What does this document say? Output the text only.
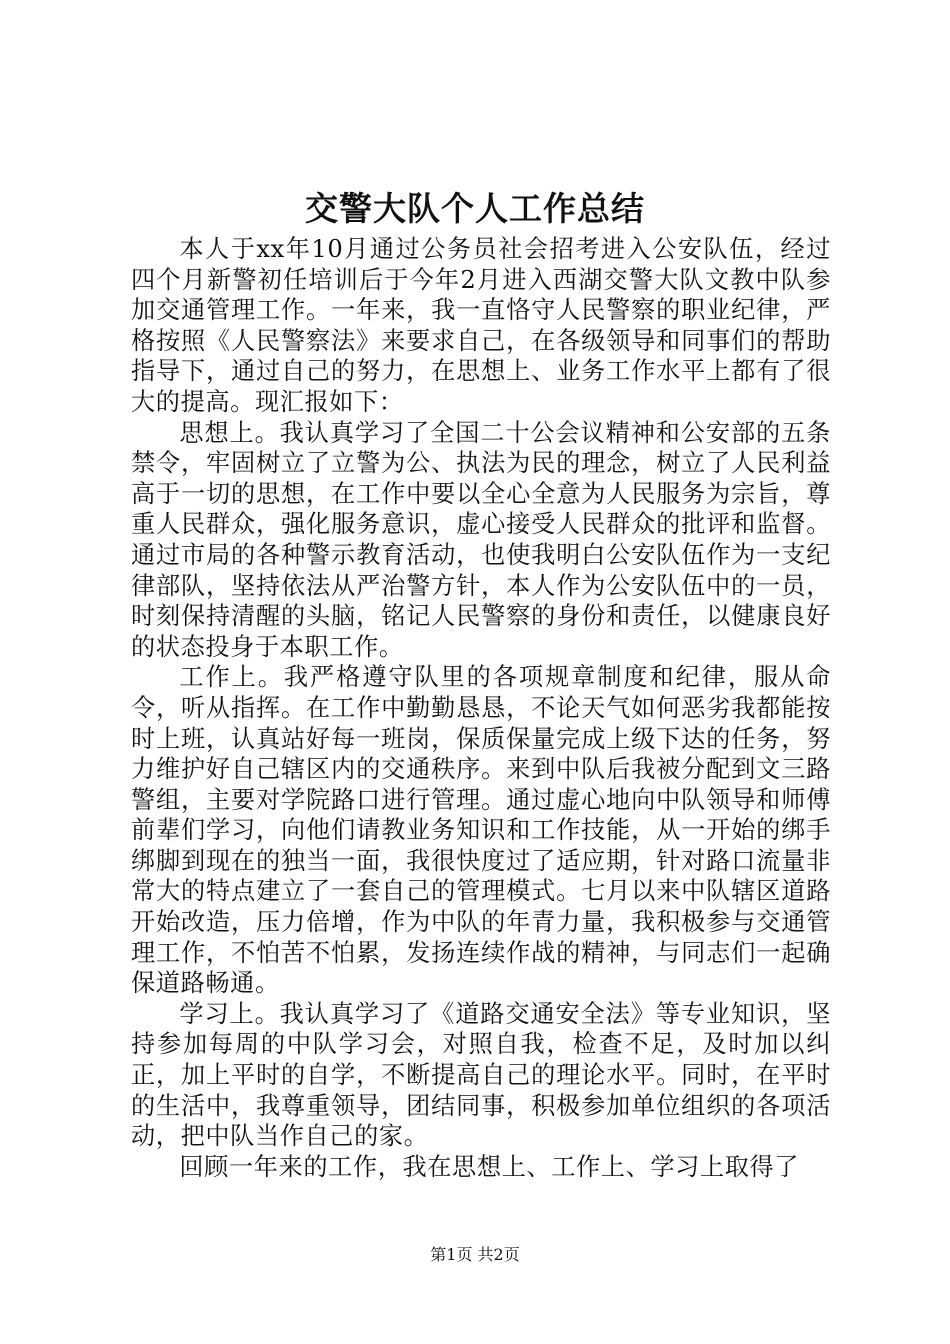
交警大队个人工作总结

本人于xx年10月通过公务员社会招考进入公安队伍，经过四个月新警初任培训后于今年2月进入西湖交警大队文教中队参加交通管理工作。一年来，我一直恪守人民警察的职业纪律，严格按照《人民警察法》来要求自己，在各级领导和同事们的帮助指导下，通过自己的努力，在思想上、业务工作水平上都有了很大的提高。现汇报如下：

思想上。我认真学习了全国二十公会议精神和公安部的五条禁令，牢固树立了立警为公、执法为民的理念，树立了人民利益高于一切的思想，在工作中要以全心全意为人民服务为宗旨，尊重人民群众，强化服务意识，虚心接受人民群众的批评和监督。通过市局的各种警示教育活动，也使我明白公安队伍作为一支纪律部队，坚持依法从严治警方针，本人作为公安队伍中的一员，时刻保持清醒的头脑，铭记人民警察的身份和责任，以健康良好的状态投身于本职工作。

工作上。我严格遵守队里的各项规章制度和纪律，服从命令，听从指挥。在工作中勤勤恳恳，不论天气如何恶劣我都能按时上班，认真站好每一班岗，保质保量完成上级下达的任务，努力维护好自己辖区内的交通秩序。来到中队后我被分配到文三路警组，主要对学院路口进行管理。通过虚心地向中队领导和师傅前辈们学习，向他们请教业务知识和工作技能，从一开始的绑手绑脚到现在的独当一面，我很快度过了适应期，针对路口流量非常大的特点建立了一套自己的管理模式。七月以来中队辖区道路开始改造，压力倍增，作为中队的年青力量，我积极参与交通管理工作，不怕苦不怕累，发扬连续作战的精神，与同志们一起确保道路畅通。

学习上。我认真学习了《道路交通安全法》等专业知识，坚持参加每周的中队学习会，对照自我，检查不足，及时加以纠正，加上平时的自学，不断提高自己的理论水平。同时，在平时的生活中，我尊重领导，团结同事，积极参加单位组织的各项活动，把中队当作自己的家。

回顾一年来的工作，我在思想上、工作上、学习上取得了

第1页 共2页
